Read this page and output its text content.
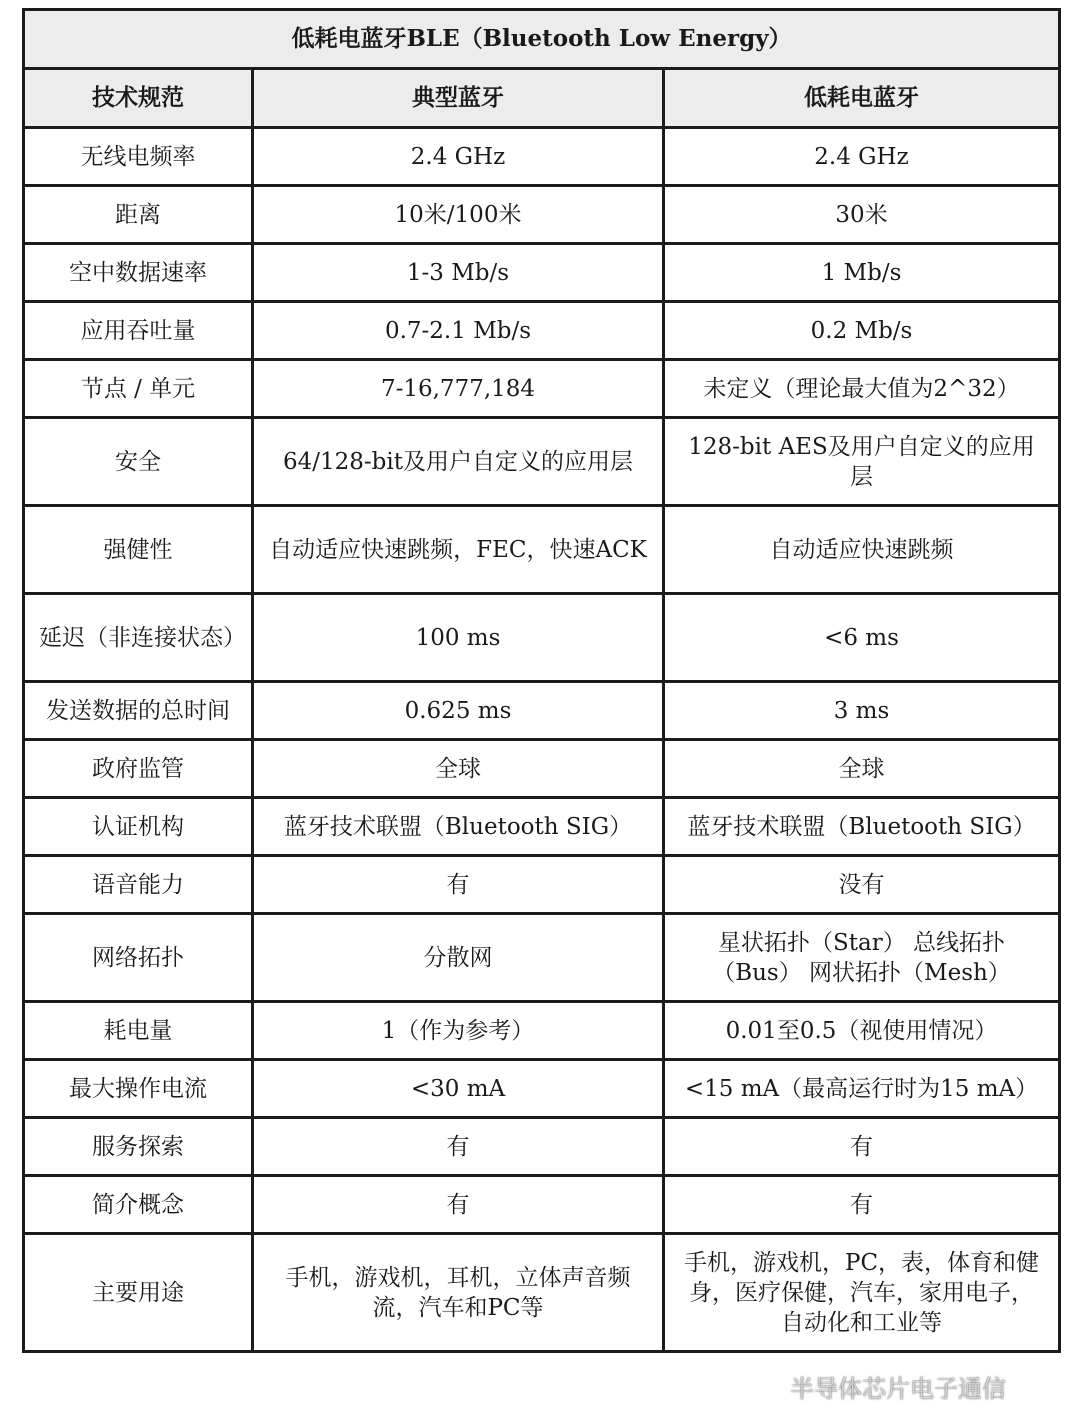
低耗电蓝牙BLE（Bluetooth Low Energy）		
技术规范	典型蓝牙	低耗电蓝牙
无线电频率	2.4 GHz	2.4 GHz
距离	10米/100米	30米
空中数据速率	1-3 Mb/s	1 Mb/s
应用吞吐量	0.7-2.1 Mb/s	0.2 Mb/s
节点 / 单元	7-16,777,184	未定义（理论最大值为2^32）
安全	64/128-bit及用户自定义的应用层	128-bit AES及用户自定义的应用层
强健性	自动适应快速跳频，FEC，快速ACK	自动适应快速跳频
延迟（非连接状态）	100 ms	<6 ms
发送数据的总时间	0.625 ms	3 ms
政府监管	全球	全球
认证机构	蓝牙技术联盟（Bluetooth SIG）	蓝牙技术联盟（Bluetooth SIG）
语音能力	有	没有
网络拓扑	分散网	星状拓扑（Star） 总线拓扑（Bus） 网状拓扑（Mesh）
耗电量	1（作为参考）	0.01至0.5（视使用情况）
最大操作电流	<30 mA	<15 mA（最高运行时为15 mA）
服务探索	有	有
简介概念	有	有
主要用途	手机，游戏机，耳机，立体声音频流，汽车和PC等	手机，游戏机，PC，表，体育和健身，医疗保健，汽车，家用电子，自动化和工业等
半导体芯片电子通信
